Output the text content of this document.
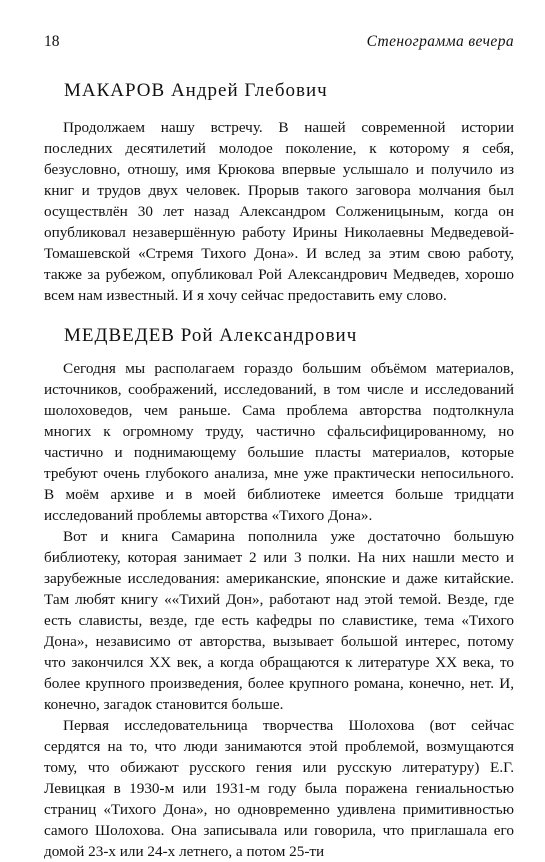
18	Стенограмма вечера
МАКАРОВ Андрей Глебович

Продолжаем нашу встречу. В нашей современной истории последних десятилетий молодое поколение, к которому я себя, безусловно, отношу, имя Крюкова впервые услышало и получило из книг и трудов двух человек. Прорыв такого заговора молчания был осуществлён 30 лет назад Александром Солженицыным, когда он опубликовал незавершённую работу Ирины Николаевны Медведевой-Томашевской «Стремя Тихого Дона». И вслед за этим свою работу, также за рубежом, опубликовал Рой Александрович Медведев, хорошо всем нам известный. И я хочу сейчас предоставить ему слово.

МЕДВЕДЕВ Рой Александрович

Сегодня мы располагаем гораздо большим объёмом материалов, источников, соображений, исследований, в том числе и исследований шолоховедов, чем раньше. Сама проблема авторства подтолкнула многих к огромному труду, частично сфальсифицированному, но частично и поднимающему большие пласты материалов, которые требуют очень глубокого анализа, мне уже практически непосильного. В моём архиве и в моей библиотеке имеется больше тридцати исследований проблемы авторства «Тихого Дона».

Вот и книга Самарина пополнила уже достаточно большую библиотеку, которая занимает 2 или 3 полки. На них нашли место и зарубежные исследования: американские, японские и даже китайские. Там любят книгу ««Тихий Дон», работают над этой темой. Везде, где есть слависты, везде, где есть кафедры по славистике, тема «Тихого Дона», независимо от авторства, вызывает большой интерес, потому что закончился XX век, а когда обращаются к литературе XX века, то более крупного произведения, более крупного романа, конечно, нет. И, конечно, загадок становится больше.

Первая исследовательница творчества Шолохова (вот сейчас сердятся на то, что люди занимаются этой проблемой, возмущаются тому, что обижают русского гения или русскую литературу) Е.Г. Левицкая в 1930-м или 1931-м году была поражена гениальностью страниц «Тихого Дона», но одновременно удивлена примитивностью самого Шолохова. Она записывала или говорила, что приглашала его домой 23-х или 24-х летнего, а потом 25-ти
